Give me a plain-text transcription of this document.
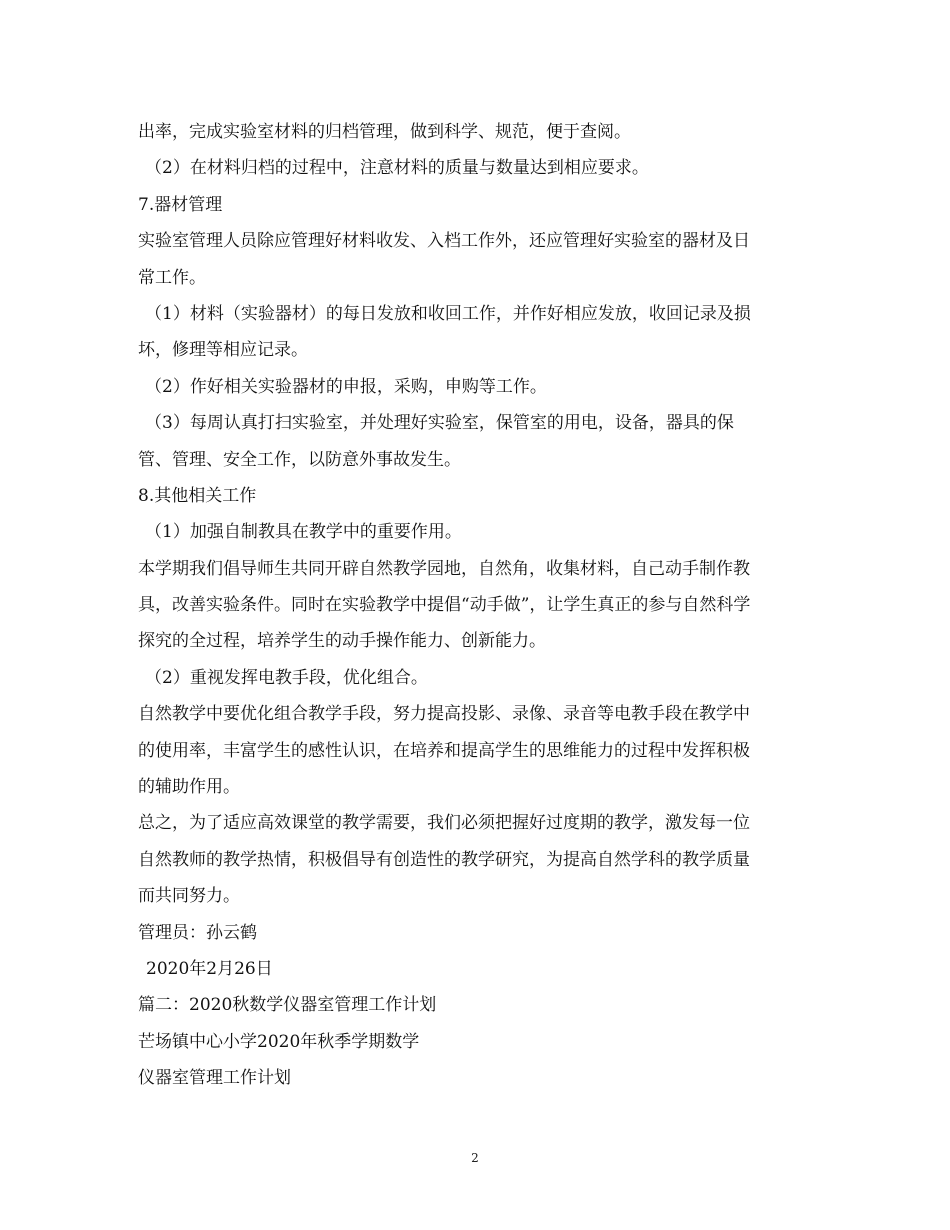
出率，完成实验室材料的归档管理，做到科学、规范，便于查阅。
（2）在材料归档的过程中，注意材料的质量与数量达到相应要求。
7.器材管理
实验室管理人员除应管理好材料收发、入档工作外，还应管理好实验室的器材及日
常工作。
（1）材料（实验器材）的每日发放和收回工作，并作好相应发放，收回记录及损
坏，修理等相应记录。
（2）作好相关实验器材的申报，采购，申购等工作。
（3）每周认真打扫实验室，并处理好实验室，保管室的用电，设备，器具的保
管、管理、安全工作，以防意外事故发生。
8.其他相关工作
（1）加强自制教具在教学中的重要作用。
本学期我们倡导师生共同开辟自然教学园地，自然角，收集材料，自己动手制作教
具，改善实验条件。同时在实验教学中提倡“动手做”，让学生真正的参与自然科学
探究的全过程，培养学生的动手操作能力、创新能力。
（2）重视发挥电教手段，优化组合。
自然教学中要优化组合教学手段，努力提高投影、录像、录音等电教手段在教学中
的使用率，丰富学生的感性认识，在培养和提高学生的思维能力的过程中发挥积极
的辅助作用。
总之，为了适应高效课堂的教学需要，我们必须把握好过度期的教学，激发每一位
自然教师的教学热情，积极倡导有创造性的教学研究，为提高自然学科的教学质量
而共同努力。
管理员：孙云鹤
2020年2月26日
篇二：2020秋数学仪器室管理工作计划
芒场镇中心小学2020年秋季学期数学
仪器室管理工作计划
2
